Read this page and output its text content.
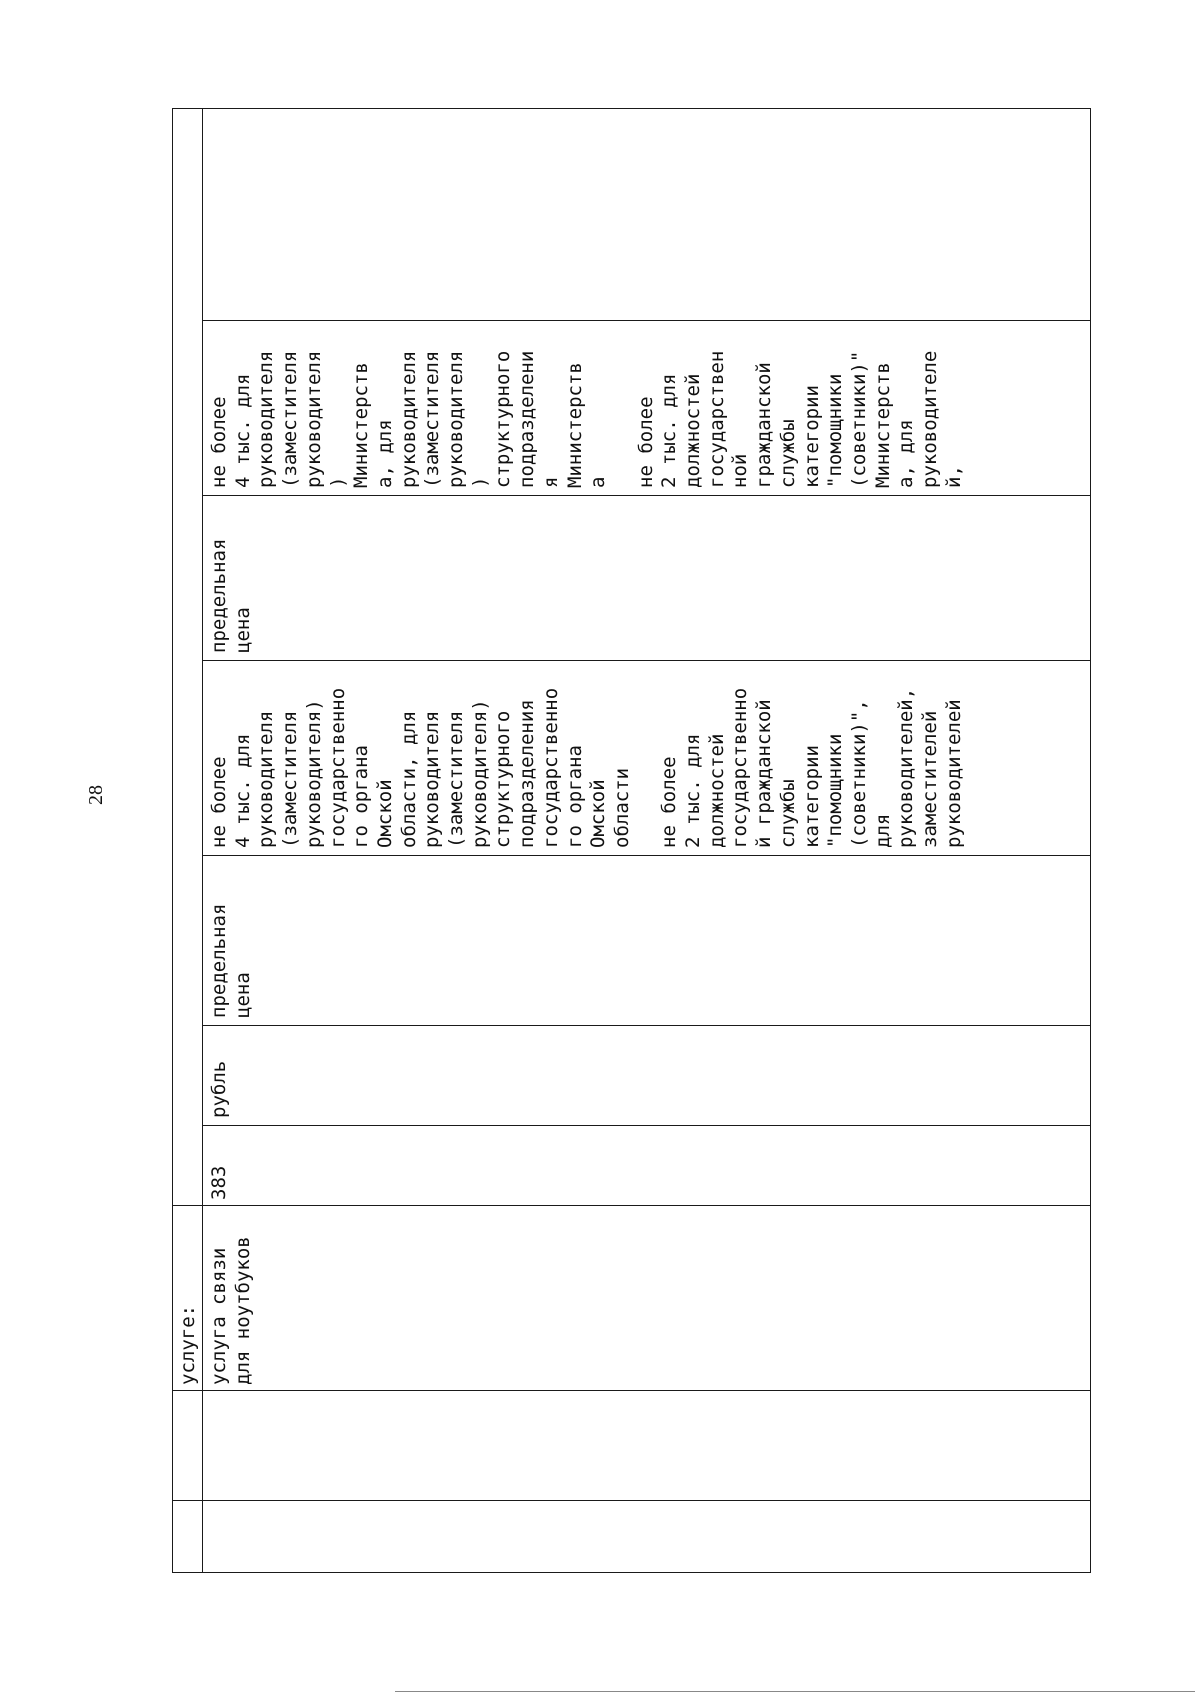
28
услуге: услуга связи
для ноутбуков
383
рубль
предельная
цена
не более
4 тыс. для
руководителя
(заместителя
руководителя)
государственно
го органа
Омской
области, для
руководителя
(заместителя
руководителя)
структурного
подразделения
государственно
го органа
Омской
области

не более
2 тыс. для
должностей
государственно
й гражданской
службы
категории
"помощники
(советники)",
для
руководителей,
заместителей
руководителей
предельная
цена
не более
4 тыс. для
руководителя
(заместителя
руководителя
)
Министерств
а, для
руководителя
(заместителя
руководителя
)
структурного
подразделени
я
Министерств
а

не более
2 тыс. для
должностей
государствен
ной
гражданской
службы
категории
"помощники
(советники)"
Министерств
а, для
руководителе
й,
